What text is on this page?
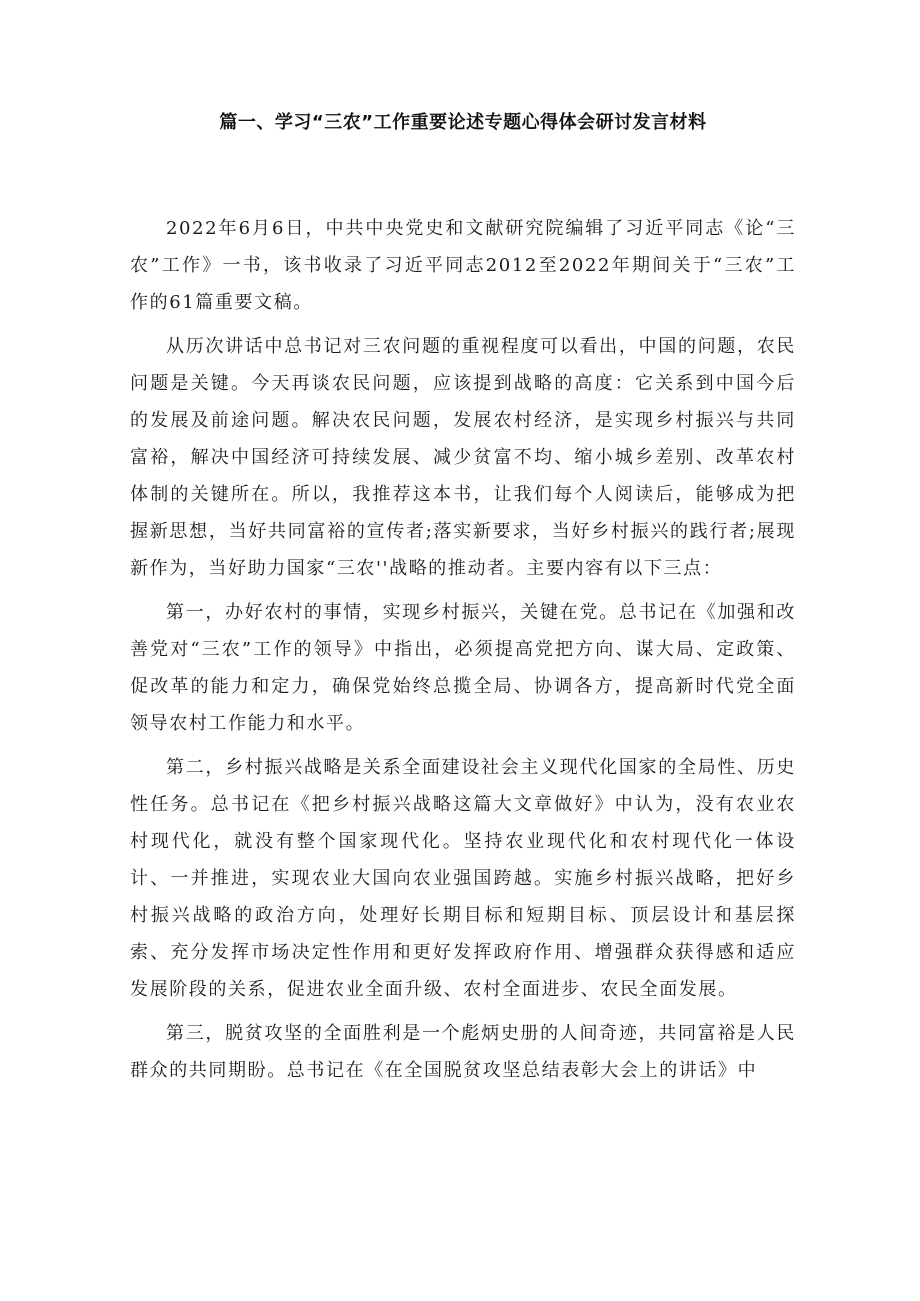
篇一、学习“三农”工作重要论述专题心得体会研讨发言材料

2022年6月6日，中共中央党史和文献研究院编辑了习近平同志《论“三农”工作》一书，该书收录了习近平同志2012至2022年期间关于“三农”工作的61篇重要文稿。

从历次讲话中总书记对三农问题的重视程度可以看出，中国的问题，农民问题是关键。今天再谈农民问题，应该提到战略的高度：它关系到中国今后的发展及前途问题。解决农民问题，发展农村经济，是实现乡村振兴与共同富裕，解决中国经济可持续发展、减少贫富不均、缩小城乡差别、改革农村体制的关键所在。所以，我推荐这本书，让我们每个人阅读后，能够成为把握新思想，当好共同富裕的宣传者;落实新要求，当好乡村振兴的践行者;展现新作为，当好助力国家“三农''战略的推动者。主要内容有以下三点：

第一，办好农村的事情，实现乡村振兴，关键在党。总书记在《加强和改善党对“三农”工作的领导》中指出，必须提高党把方向、谋大局、定政策、促改革的能力和定力，确保党始终总揽全局、协调各方，提高新时代党全面领导农村工作能力和水平。

第二，乡村振兴战略是关系全面建设社会主义现代化国家的全局性、历史性任务。总书记在《把乡村振兴战略这篇大文章做好》中认为，没有农业农村现代化，就没有整个国家现代化。坚持农业现代化和农村现代化一体设计、一并推进，实现农业大国向农业强国跨越。实施乡村振兴战略，把好乡村振兴战略的政治方向，处理好长期目标和短期目标、顶层设计和基层探索、充分发挥市场决定性作用和更好发挥政府作用、增强群众获得感和适应发展阶段的关系，促进农业全面升级、农村全面进步、农民全面发展。

第三，脱贫攻坚的全面胜利是一个彪炳史册的人间奇迹，共同富裕是人民群众的共同期盼。总书记在《在全国脱贫攻坚总结表彰大会上的讲话》中
